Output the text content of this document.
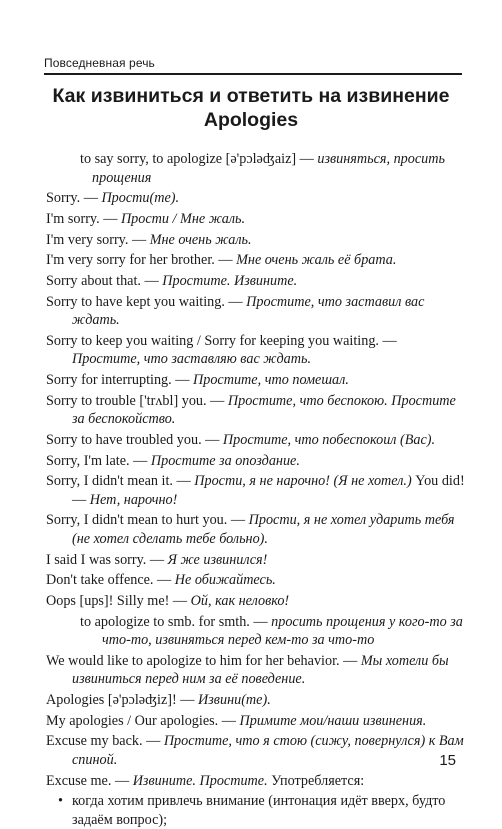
Повседневная речь
Как извиниться и ответить на извинение
Apologies
to say sorry, to apologize [ə'pɔləʤaiz] — извиняться, просить прощения
Sorry. — Прости(те).
I'm sorry. — Прости / Мне жаль.
I'm very sorry. — Мне очень жаль.
I'm very sorry for her brother. — Мне очень жаль её брата.
Sorry about that. — Простите. Извините.
Sorry to have kept you waiting. — Простите, что заставил вас ждать.
Sorry to keep you waiting / Sorry for keeping you waiting. — Простите, что заставляю вас ждать.
Sorry for interrupting. — Простите, что помешал.
Sorry to trouble ['trʌbl] you. — Простите, что беспокою. Простите за беспокойство.
Sorry to have troubled you. — Простите, что побеспокоил (Вас).
Sorry, I'm late. — Простите за опоздание.
Sorry, I didn't mean it. — Прости, я не нарочно! (Я не хотел.) You did! — Нет, нарочно!
Sorry, I didn't mean to hurt you. — Прости, я не хотел ударить тебя (не хотел сделать тебе больно).
I said I was sorry. — Я же извинился!
Don't take offence. — Не обижайтесь.
Oops [ups]! Silly me! — Ой, как неловко!
to apologize to smb. for smth. — просить прощения у кого-то за что-то, извиняться перед кем-то за что-то
We would like to apologize to him for her behavior. — Мы хотели бы извиниться перед ним за её поведение.
Apologies [ə'pɔləʤiz]! — Извини(те).
My apologies / Our apologies. — Примите мои/наши извинения.
Excuse my back. — Простите, что я стою (сижу, повернулся) к Вам спиной.
Excuse me. — Извините. Простите. Употребляется:
• когда хотим привлечь внимание (интонация идёт вверх, будто задаём вопрос);
15
